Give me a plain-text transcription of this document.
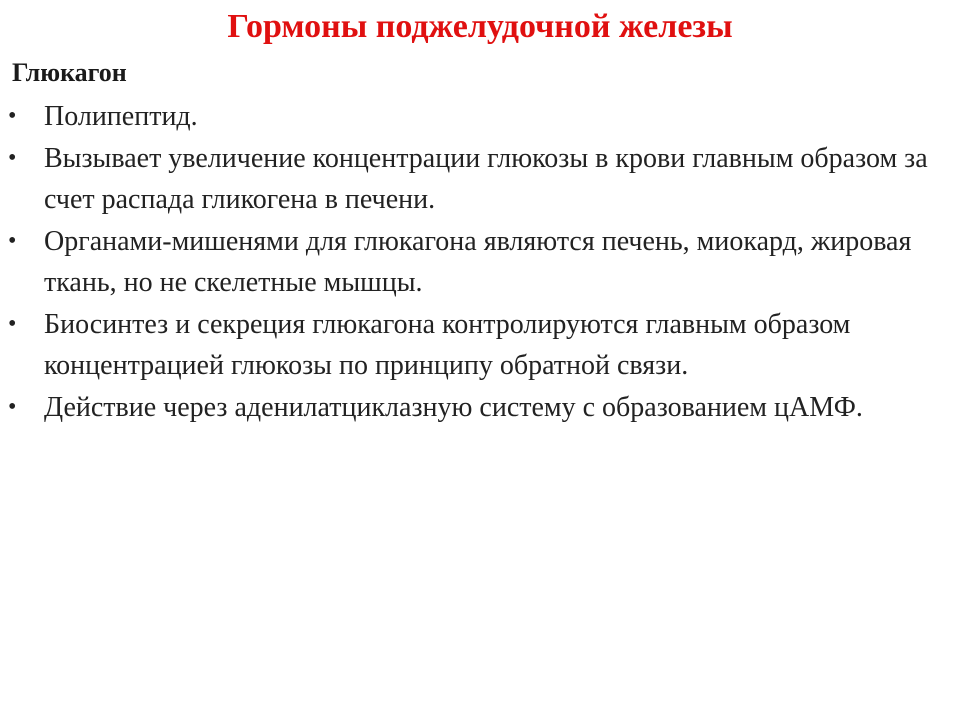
Гормоны поджелудочной железы
Глюкагон
• Полипептид.
• Вызывает увеличение концентрации глюкозы в крови главным образом за счет распада гликогена в печени.
• Органами-мишенями для глюкагона являются печень, миокард, жировая ткань, но не скелетные мышцы.
• Биосинтез и секреция глюкагона контролируются главным образом концентрацией глюкозы по принципу обратной связи.
• Действие через аденилатциклазную систему с образованием цАМФ.
